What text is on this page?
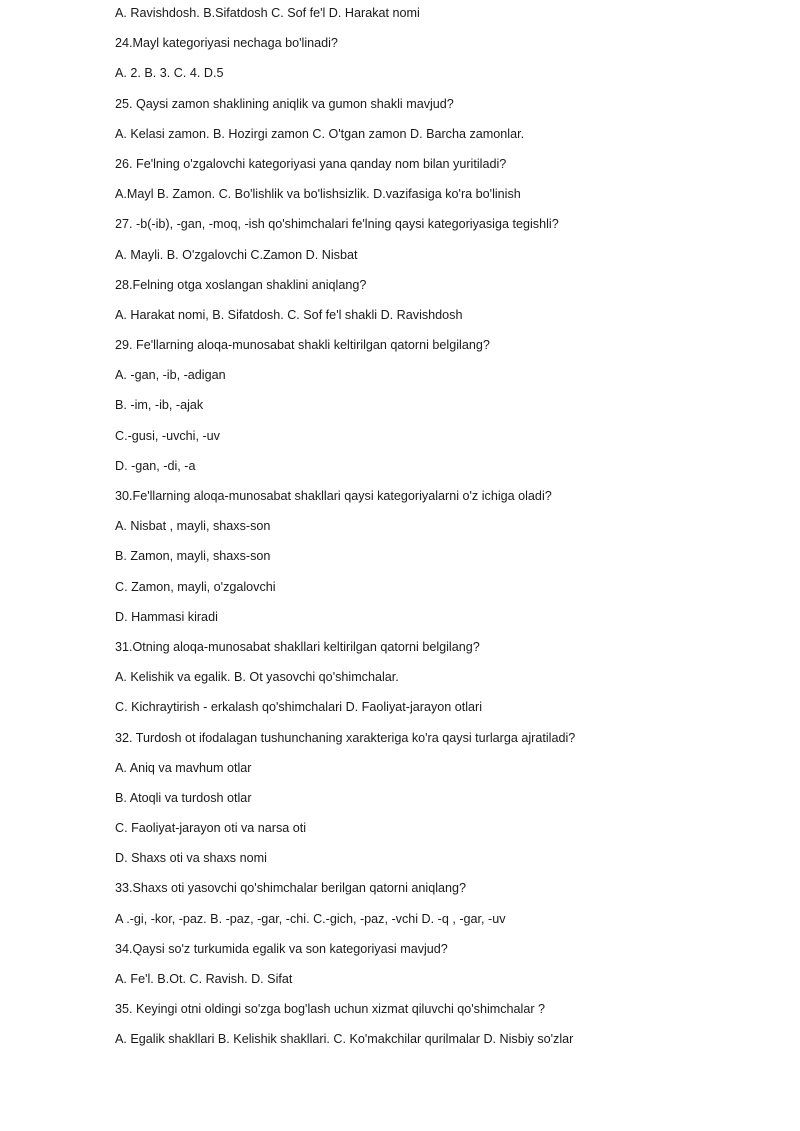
A. Ravishdosh. B.Sifatdosh C. Sof fe'l D. Harakat nomi
24.Mayl kategoriyasi nechaga bo'linadi?
A. 2. B. 3. C. 4. D.5
25. Qaysi zamon shaklining aniqlik va gumon shakli mavjud?
A. Kelasi zamon. B. Hozirgi zamon C. O'tgan zamon D. Barcha zamonlar.
26. Fe'lning o'zgalovchi kategoriyasi yana qanday nom bilan yuritiladi?
A.Mayl B. Zamon. C. Bo'lishlik va bo'lishsizlik. D.vazifasiga ko'ra bo'linish
27. -b(-ib), -gan, -moq, -ish qo'shimchalari fe'lning qaysi kategoriyasiga tegishli?
A. Mayli. B. O'zgalovchi C.Zamon D. Nisbat
28.Felning otga xoslangan shaklini aniqlang?
A. Harakat nomi, B. Sifatdosh. C. Sof fe'l shakli D. Ravishdosh
29. Fe'llarning aloqa-munosabat shakli keltirilgan qatorni belgilang?
A. -gan, -ib, -adigan
B. -im, -ib, -ajak
C.-gusi, -uvchi, -uv
D. -gan, -di, -a
30.Fe'llarning aloqa-munosabat shakllari qaysi kategoriyalarni o'z ichiga oladi?
A. Nisbat , mayli, shaxs-son
B. Zamon, mayli, shaxs-son
C. Zamon, mayli, o'zgalovchi
D. Hammasi kiradi
31.Otning aloqa-munosabat shakllari keltirilgan qatorni belgilang?
A. Kelishik va egalik. B. Ot yasovchi qo'shimchalar.
C. Kichraytirish - erkalash qo'shimchalari D. Faoliyat-jarayon otlari
32. Turdosh ot ifodalagan tushunchaning xarakteriga ko'ra qaysi turlarga ajratiladi?
A. Aniq va mavhum otlar
B. Atoqli va turdosh otlar
C. Faoliyat-jarayon oti va narsa oti
D. Shaxs oti va shaxs nomi
33.Shaxs oti yasovchi qo'shimchalar berilgan qatorni aniqlang?
A .-gi, -kor, -paz. B. -paz, -gar, -chi. C.-gich, -paz, -vchi D. -q , -gar, -uv
34.Qaysi so'z turkumida egalik va son kategoriyasi mavjud?
A. Fe'l. B.Ot. C. Ravish. D. Sifat
35. Keyingi otni oldingi so'zga bog'lash uchun xizmat qiluvchi qo'shimchalar ?
A. Egalik shakllari B. Kelishik shakllari. C. Ko'makchilar qurilmalar D. Nisbiy so'zlar
